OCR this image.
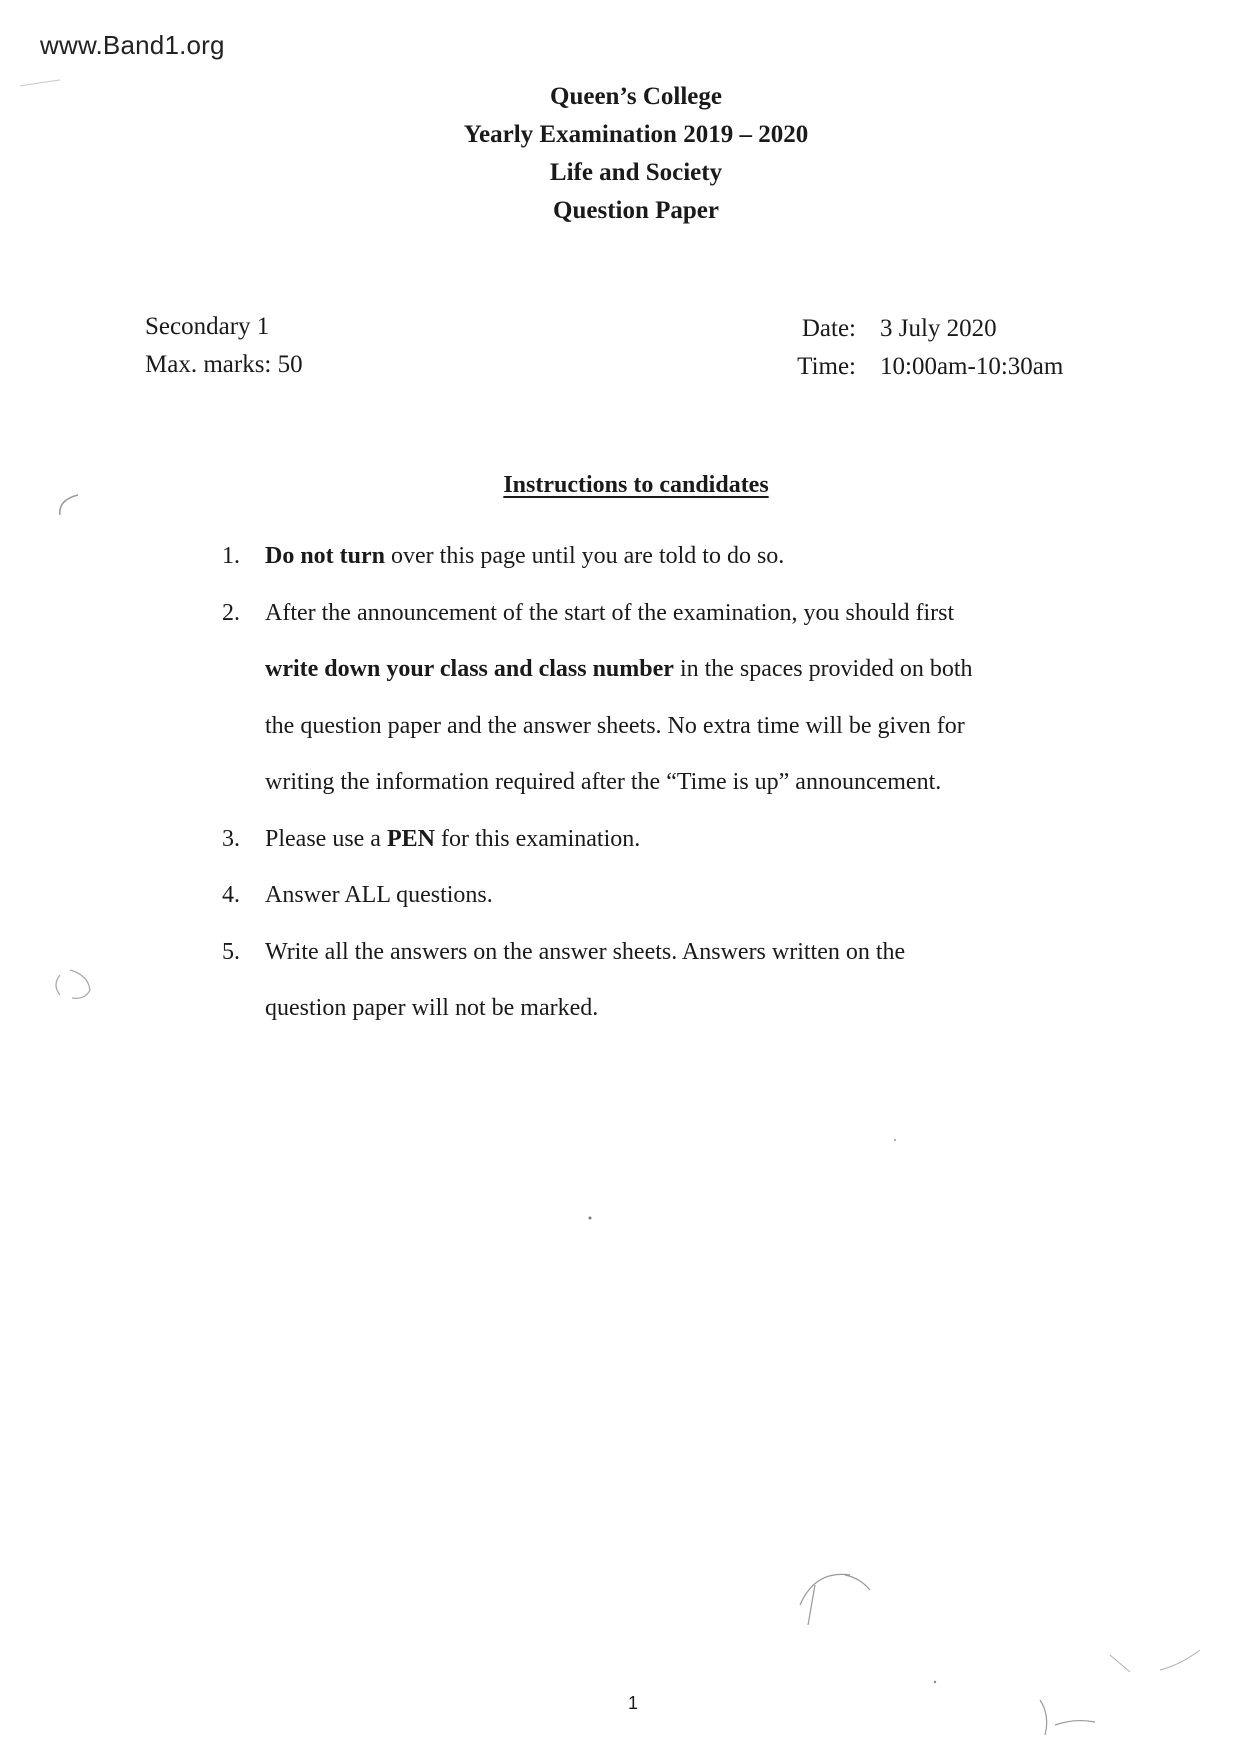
www.Band1.org
Queen’s College
Yearly Examination 2019 – 2020
Life and Society
Question Paper
Secondary 1
Max. marks: 50
Date: 3 July 2020
Time: 10:00am-10:30am
Instructions to candidates
1.	Do not turn over this page until you are told to do so.
2.	After the announcement of the start of the examination, you should first
write down your class and class number in the spaces provided on both
the question paper and the answer sheets. No extra time will be given for
writing the information required after the “Time is up” announcement.
3.	Please use a PEN for this examination.
4.	Answer ALL questions.
5.	Write all the answers on the answer sheets. Answers written on the
question paper will not be marked.
1
